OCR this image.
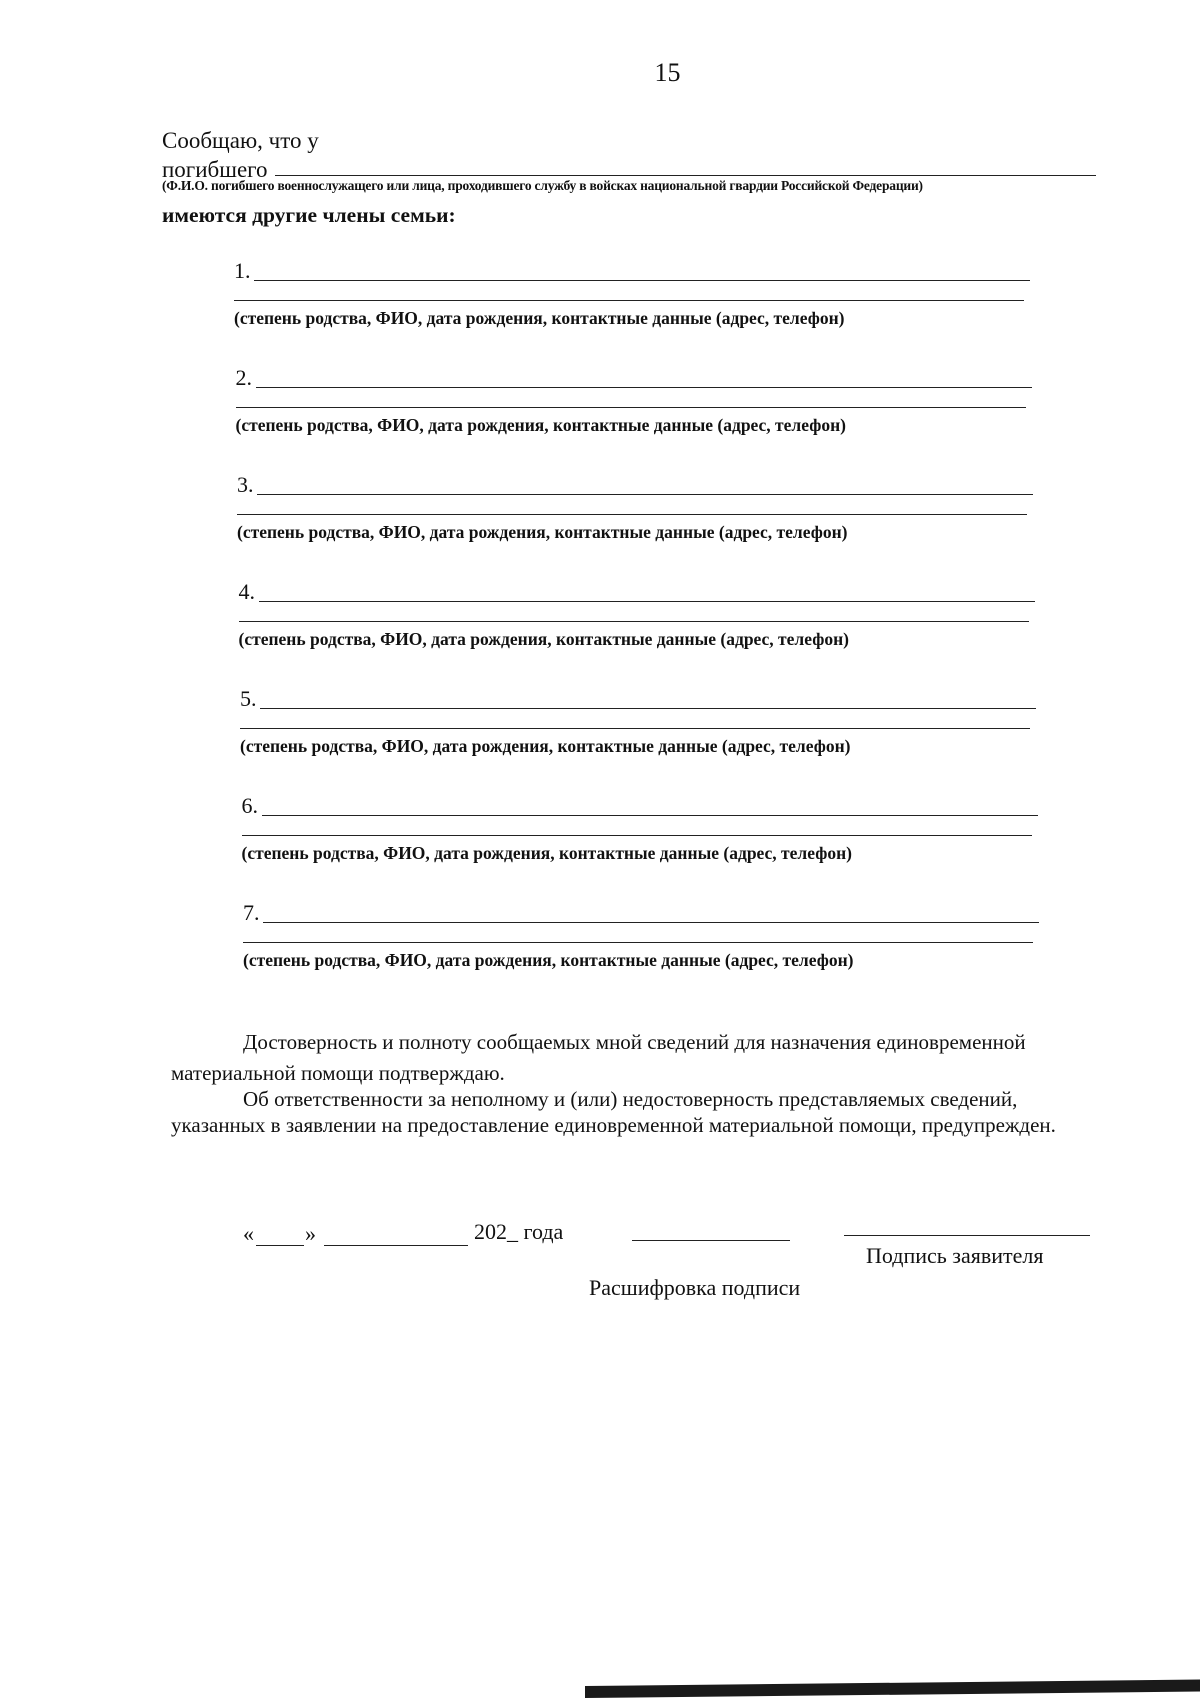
15
Сообщаю, что у
погибшего
(Ф.И.О. погибшего военнослужащего или лица, проходившего службу в войсках национальной гвардии Российской Федерации)
имеются другие члены семьи:
1.
(степень родства, ФИО, дата рождения, контактные данные (адрес, телефон)
2.
(степень родства, ФИО, дата рождения, контактные данные (адрес, телефон)
3.
(степень родства, ФИО, дата рождения, контактные данные (адрес, телефон)
4.
(степень родства, ФИО, дата рождения, контактные данные (адрес, телефон)
5.
(степень родства, ФИО, дата рождения, контактные данные (адрес, телефон)
6.
(степень родства, ФИО, дата рождения, контактные данные (адрес, телефон)
7.
(степень родства, ФИО, дата рождения, контактные данные (адрес, телефон)
Достоверность и полноту сообщаемых мной сведений для назначения единовременной
материальной помощи подтверждаю.
Об ответственности за неполному и (или) недостоверность представляемых сведений,
указанных в заявлении на предоставление единовременной материальной помощи, предупрежден.
« »	202_ года
Подпись заявителя
Расшифровка подписи
